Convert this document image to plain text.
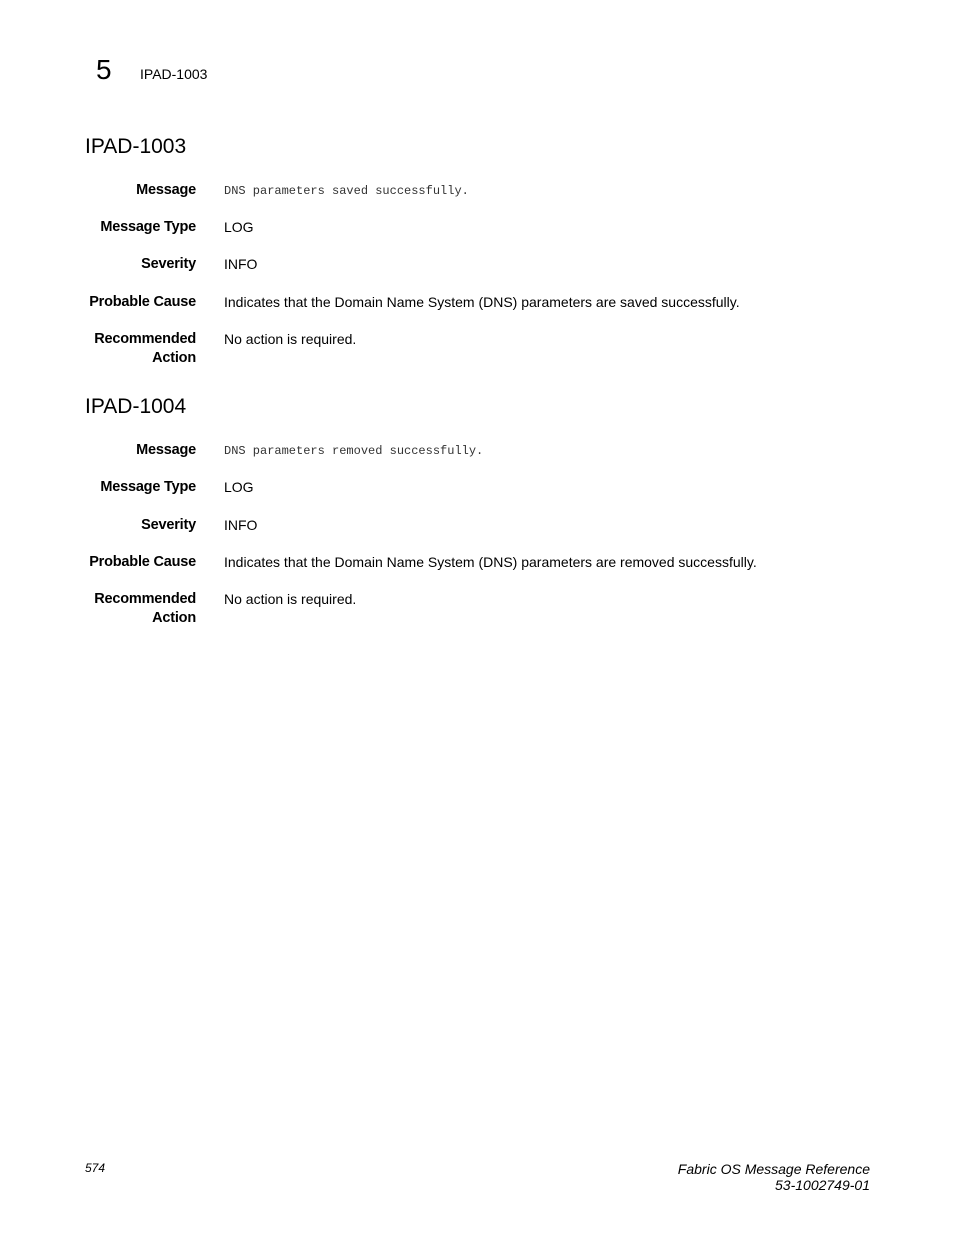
5 IPAD-1003
IPAD-1003
Message DNS parameters saved successfully.
Message Type LOG
Severity INFO
Probable Cause Indicates that the Domain Name System (DNS) parameters are saved successfully.
Recommended
Action
No action is required.
IPAD-1004
Message DNS parameters removed successfully.
Message Type LOG
Severity INFO
Probable Cause Indicates that the Domain Name System (DNS) parameters are removed successfully.
Recommended
Action
No action is required.
574	Fabric OS Message Reference
53-1002749-01
